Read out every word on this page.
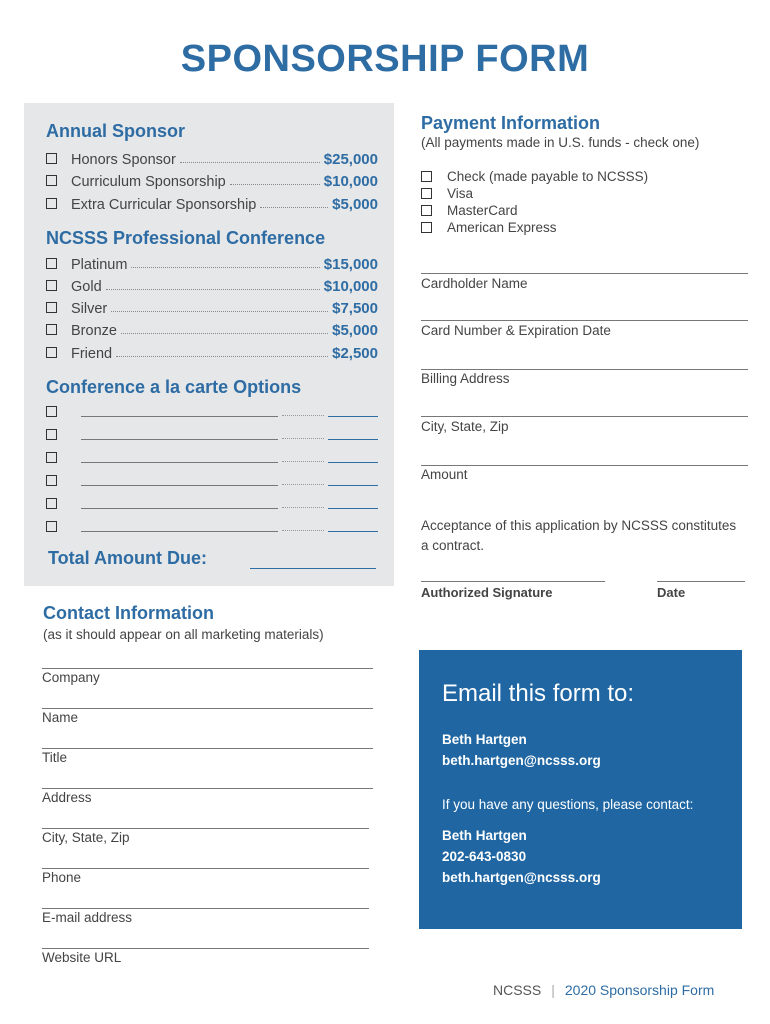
SPONSORSHIP FORM
Annual Sponsor
Honors Sponsor	$25,000
Curriculum Sponsorship	$10,000
Extra Curricular Sponsorship	$5,000
NCSSS Professional Conference
Platinum	$15,000
Gold	$10,000
Silver	$7,500
Bronze	$5,000
Friend	$2,500
Conference a la carte Options
Total Amount Due:
Payment Information
(All payments made in U.S. funds - check one)
Check (made payable to NCSSS)
Visa
MasterCard
American Express
Cardholder Name
Card Number & Expiration Date
Billing Address
City, State, Zip
Amount
Acceptance of this application by NCSSS constitutes a contract.
Authorized Signature	Date
Contact Information
(as it should appear on all marketing materials)
Company
Name
Title
Address
City, State, Zip
Phone
E-mail address
Website URL
Email this form to:
Beth Hartgen
beth.hartgen@ncsss.org
If you have any questions, please contact:
Beth Hartgen
202-643-0830
beth.hartgen@ncsss.org
NCSSS | 2020 Sponsorship Form
